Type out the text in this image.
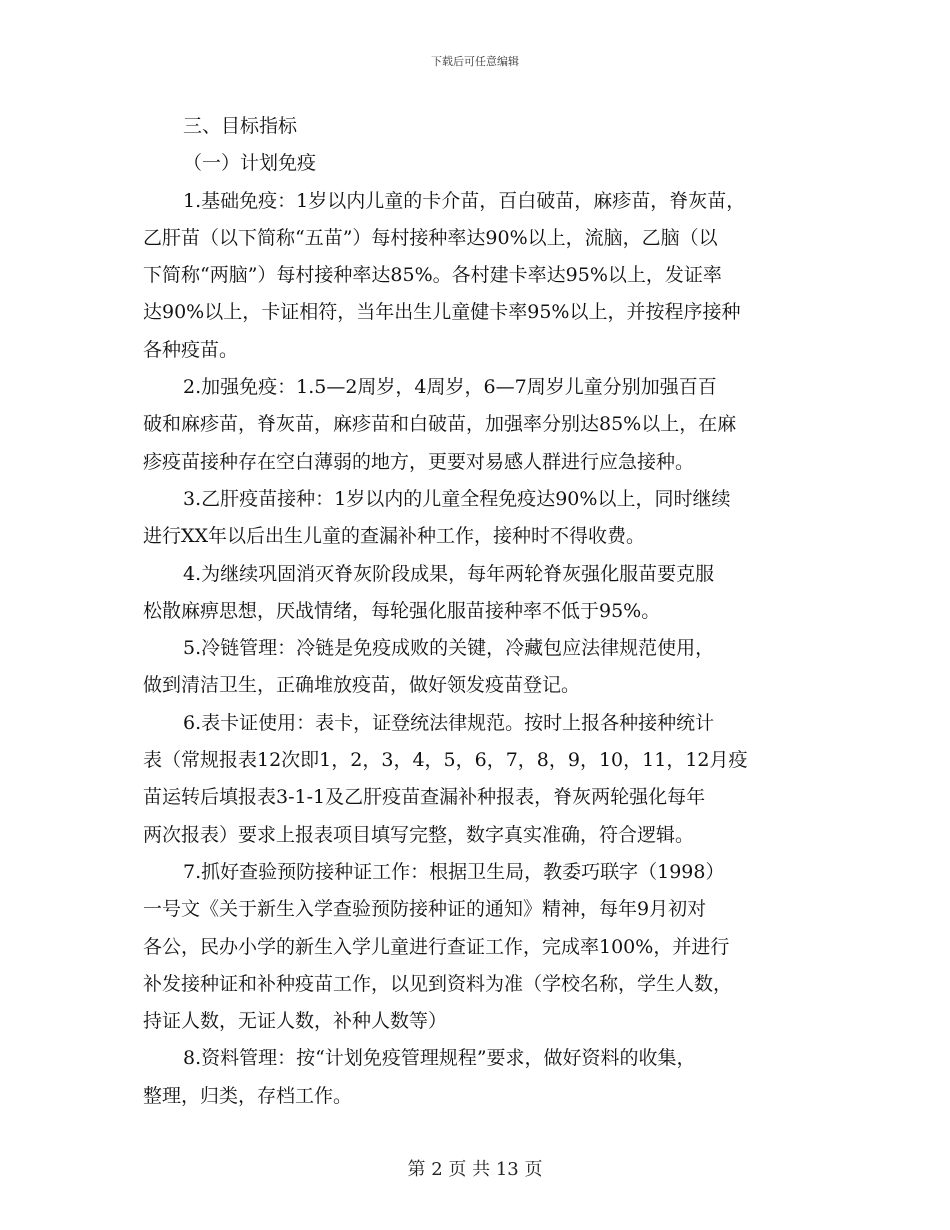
下载后可任意编辑
三、目标指标
（一）计划免疫
1.基础免疫：1岁以内儿童的卡介苗，百白破苗，麻疹苗，脊灰苗，
乙肝苗（以下简称“五苗”）每村接种率达90%以上，流脑，乙脑（以
下简称“两脑”）每村接种率达85%。各村建卡率达95%以上，发证率
达90%以上，卡证相符，当年出生儿童健卡率95%以上，并按程序接种
各种疫苗。
2.加强免疫：1.5—2周岁，4周岁，6—7周岁儿童分别加强百百
破和麻疹苗，脊灰苗，麻疹苗和白破苗，加强率分别达85%以上，在麻
疹疫苗接种存在空白薄弱的地方，更要对易感人群进行应急接种。
3.乙肝疫苗接种：1岁以内的儿童全程免疫达90%以上，同时继续
进行XX年以后出生儿童的查漏补种工作，接种时不得收费。
4.为继续巩固消灭脊灰阶段成果，每年两轮脊灰强化服苗要克服
松散麻痹思想，厌战情绪，每轮强化服苗接种率不低于95%。
5.冷链管理：冷链是免疫成败的关键，冷藏包应法律规范使用，
做到清洁卫生，正确堆放疫苗，做好领发疫苗登记。
6.表卡证使用：表卡，证登统法律规范。按时上报各种接种统计
表（常规报表12次即1，2，3，4，5，6，7，8，9，10，11，12月疫
苗运转后填报表3-1-1及乙肝疫苗查漏补种报表，脊灰两轮强化每年
两次报表）要求上报表项目填写完整，数字真实准确，符合逻辑。
7.抓好查验预防接种证工作：根据卫生局，教委巧联字（1998）
一号文《关于新生入学查验预防接种证的通知》精神，每年9月初对
各公，民办小学的新生入学儿童进行查证工作，完成率100%，并进行
补发接种证和补种疫苗工作，以见到资料为准（学校名称，学生人数，
持证人数，无证人数，补种人数等）
8.资料管理：按“计划免疫管理规程”要求，做好资料的收集，
整理，归类，存档工作。
第 2 页 共 13 页
